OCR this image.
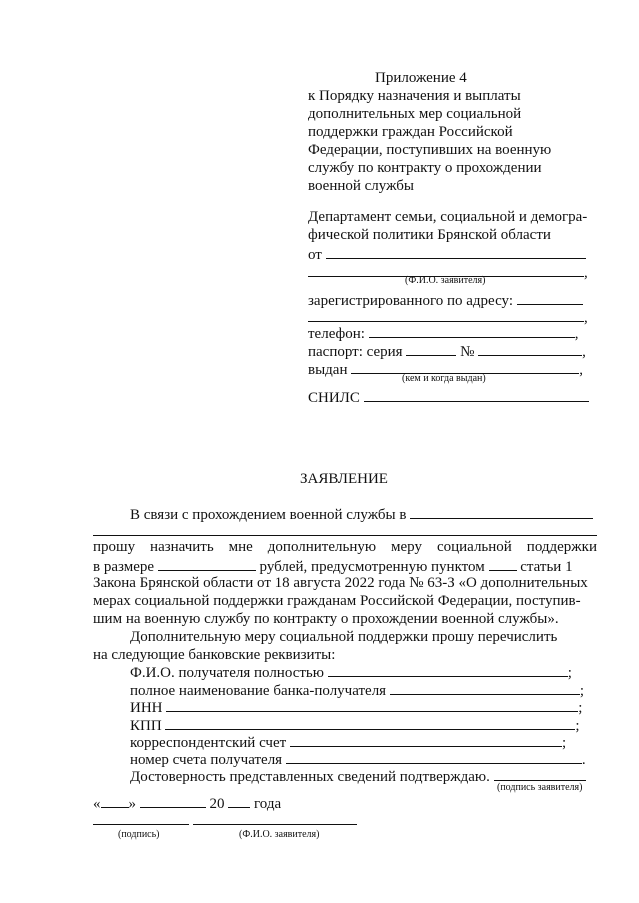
Приложение 4
к Порядку назначения и выплаты
дополнительных мер социальной
поддержки граждан Российской
Федерации, поступивших на военную
службу по контракту о прохождении
военной службы
Департамент семьи, социальной и демогра-
фической политики Брянской области
от
,
(Ф.И.О. заявителя)
зарегистрированного по адресу:
,
телефон:	,
паспорт: серия	№	,
выдан	,
(кем и когда выдан)
СНИЛС
ЗАЯВЛЕНИЕ
В связи с прохождением военной службы в
прошу назначить мне дополнительную меру социальной поддержки
в размере	рублей, предусмотренную пунктом статьи 1
Закона Брянской области от 18 августа 2022 года № 63-З «О дополнительных
мерах социальной поддержки гражданам Российской Федерации, поступив-
шим на военную службу по контракту о прохождении военной службы».
Дополнительную меру социальной поддержки прошу перечислить
на следующие банковские реквизиты:
Ф.И.О. получателя полностью	;
полное наименование банка-получателя	;
ИНН	;
КПП	;
корреспондентский счет	;
номер счета получателя	.
Достоверность представленных сведений подтверждаю.
(подпись заявителя)
« »	20 года

(подпись)	(Ф.И.О. заявителя)
